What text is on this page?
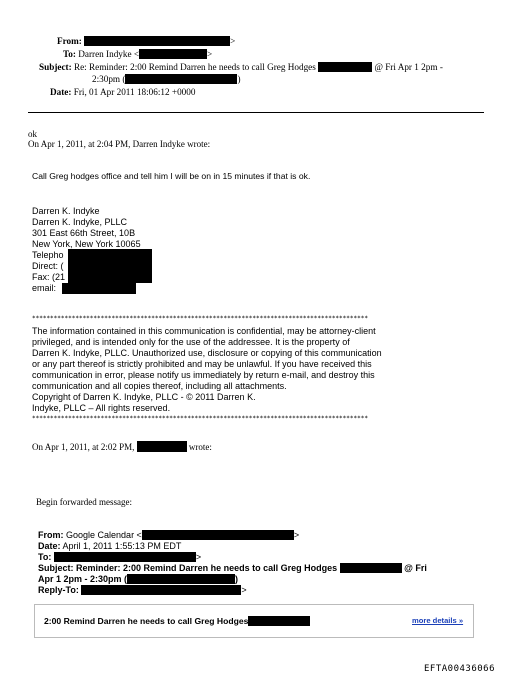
From:	>
To: Darren Indyke <	>
Subject: Re: Reminder: 2:00 Remind Darren he needs to call Greg Hodges	@ Fri Apr 1 2pm -
2:30pm (	)
Date: Fri, 01 Apr 2011 18:06:12 +0000
ok
On Apr 1, 2011, at 2:04 PM, Darren Indyke wrote:
Call Greg hodges office and tell him I will be on in 15 minutes if that is ok.
Darren K. Indyke
Darren K. Indyke, PLLC
301 East 66th Street, 10B
New York, New York 10065
Telepho
Direct: (
Fax: (21
email:
*********************************************************************************************
The information contained in this communication is confidential, may be attorney-client
privileged, and is intended only for the use of the addressee. It is the property of
Darren K. Indyke, PLLC. Unauthorized use, disclosure or copying of this communication
or any part thereof is strictly prohibited and may be unlawful. If you have received this
communication in error, please notify us immediately by return e-mail, and destroy this
communication and all copies thereof, including all attachments.
Copyright of Darren K. Indyke, PLLC - © 2011 Darren K.
Indyke, PLLC – All rights reserved.
*********************************************************************************************
On Apr 1, 2011, at 2:02 PM,	wrote:
Begin forwarded message:
From: Google Calendar <	>
Date: April 1, 2011 1:55:13 PM EDT
To:	>
Subject: Reminder: 2:00 Remind Darren he needs to call Greg Hodges	@ Fri
Apr 1 2pm - 2:30pm (	)
Reply-To:	>
2:00 Remind Darren he needs to call Greg Hodges	more details »
EFTA00436066
